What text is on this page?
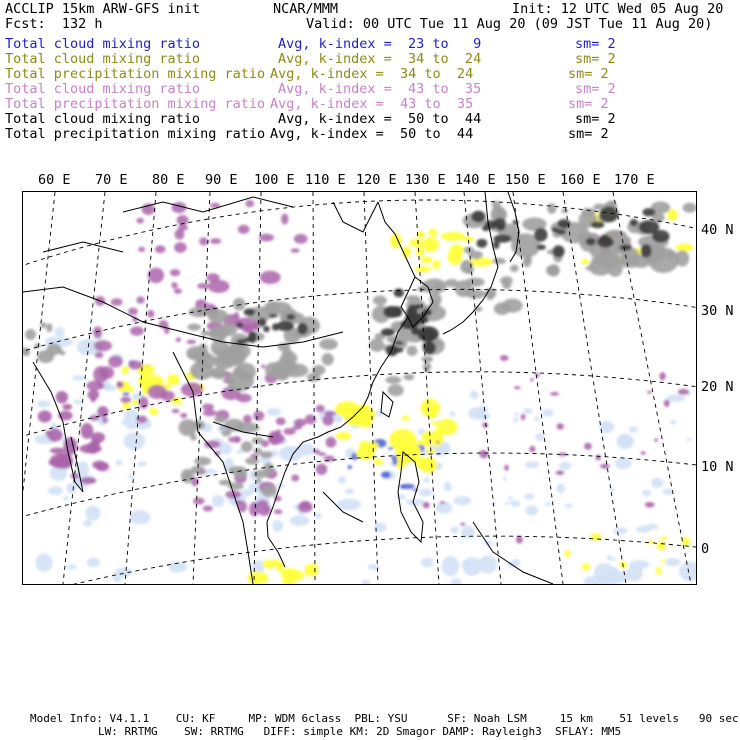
ACCLIP 15km ARW-GFS init	NCAR/MMM	Init: 12 UTC Wed 05 Aug 20
Fcst:  132 h	Valid: 00 UTC Tue 11 Aug 20 (09 JST Tue 11 Aug 20)
Total cloud mixing ratio	Avg, k-index =  23 to   9	sm= 2
Total cloud mixing ratio	Avg, k-index =  34 to  24	sm= 2
Total precipitation mixing ratio Avg, k-index =  34 to  24	sm= 2
Total cloud mixing ratio	Avg, k-index =  43 to  35	sm= 2
Total precipitation mixing ratio Avg, k-index =  43 to  35	sm= 2
Total cloud mixing ratio	Avg, k-index =  50 to  44	sm= 2
Total precipitation mixing ratio Avg, k-index =  50 to  44	sm= 2
60 E 70 E 80 E 90 E 100 E 110 E 120 E 130 E 140 E 150 E 160 E 170 E
40 N
30 N
20 N
10 N
0
Model Info: V4.1.1    CU: KF     MP: WDM 6class  PBL: YSU      SF: Noah LSM     15 km    51 levels   90 sec
LW: RRTMG    SW: RRTMG   DIFF: simple KM: 2D Smagor DAMP: Rayleigh3  SFLAY: MM5
